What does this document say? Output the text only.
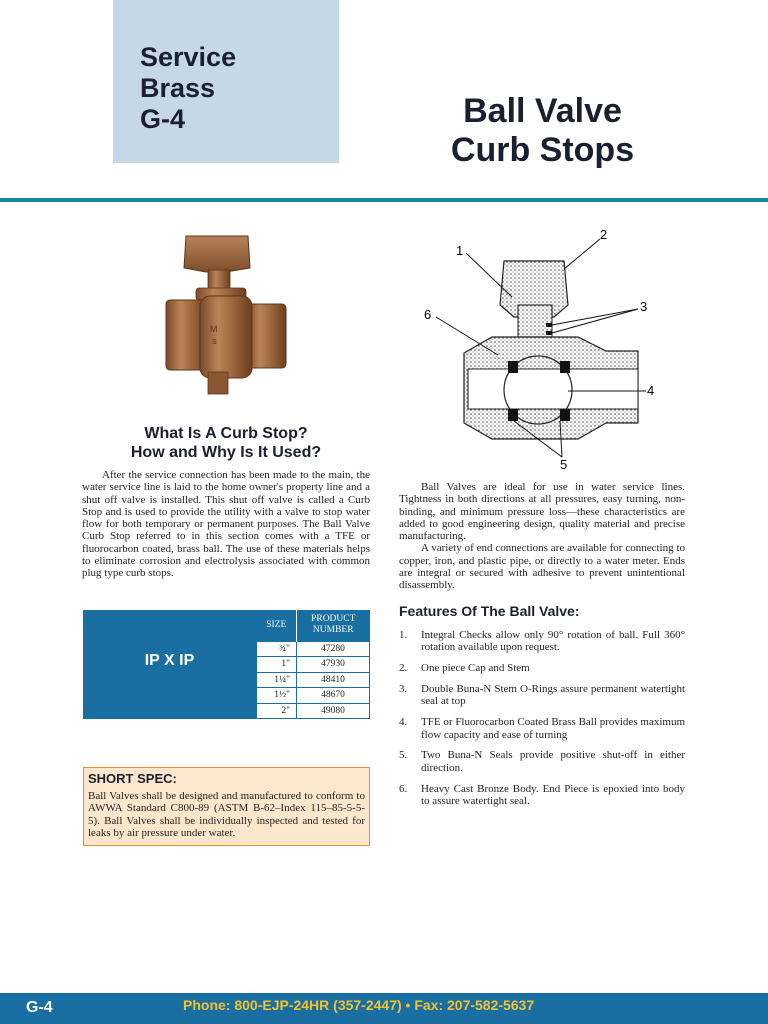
Service
Brass
G-4	Ball Valve
Curb Stops
M
S
1
2
3
4
5
6
What Is A Curb Stop?
How and Why Is It Used?

After the service connection has been made to the main, the water service line is laid to the home owner's property line and a shut off valve is installed. This shut off valve is called a Curb Stop and is used to provide the utility with a valve to stop water flow for both temporary or permanent purposes. The Ball Valve Curb Stop referred to in this section comes with a TFE or fluorocarbon coated, brass ball. The use of these materials helps to eliminate corrosion and electrolysis associated with common plug type curb stops.

IP X IP
SIZE	PRODUCT NUMBER
¾"	47280
1"	47930
1¼"	48410
1½"	48670
2"	49080
SHORT SPEC:

Ball Valves shall be designed and manufactured to conform to AWWA Standard C800-89 (ASTM B-62–Index 115–85-5-5-5). Ball Valves shall be individually inspected and tested for leaks by air pressure under water.

Ball Valves are ideal for use in water service lines. Tightness in both directions at all pressures, easy turning, non-binding, and minimum pressure loss—these characteristics are added to good engineering design, quality material and precise manufacturing.

A variety of end connections are available for connecting to copper, iron, and plastic pipe, or directly to a water meter. Ends are integral or secured with adhesive to prevent unintentional disassembly.

Features Of The Ball Valve:
1.	Integral Checks allow only 90° rotation of ball. Full 360° rotation available upon request.
2.	One piece Cap and Stem
3.	Double Buna-N Stem O-Rings assure permanent watertight seal at top
4.	TFE or Fluorocarbon Coated Brass Ball provides maximum flow capacity and ease of turning
5.	Two Buna-N Seals provide positive shut-off in either direction.
6.	Heavy Cast Bronze Body. End Piece is epoxied into body to assure watertight seal.
G-4	Phone: 800-EJP-24HR (357-2447) • Fax: 207-582-5637
